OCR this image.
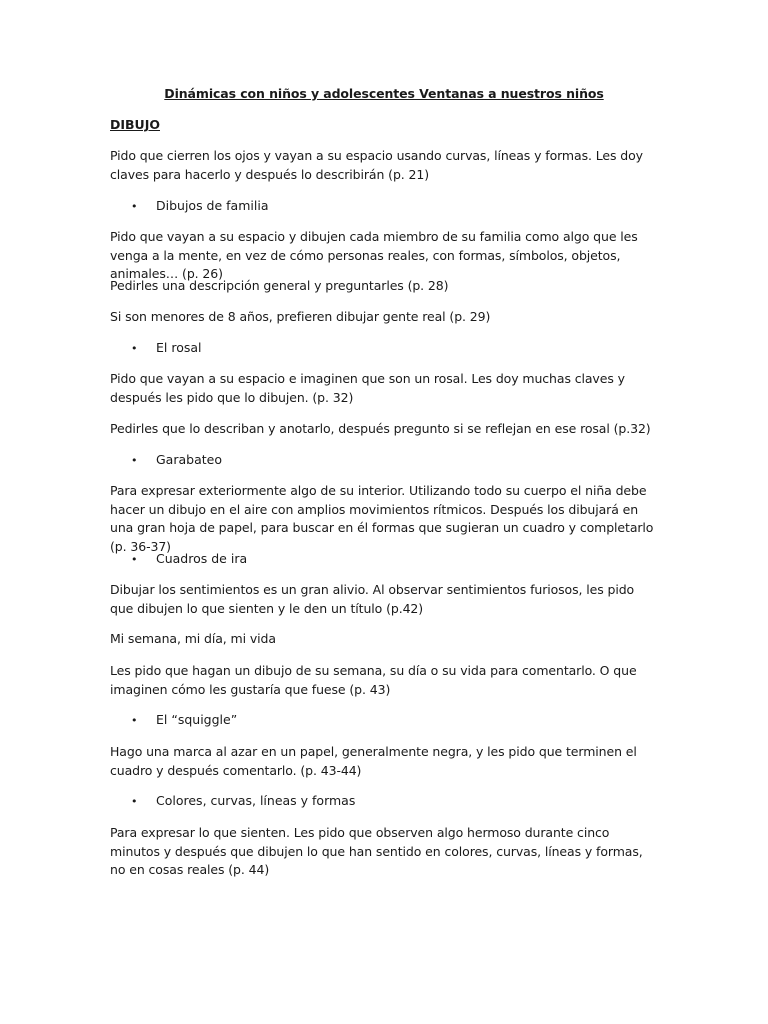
Dinámicas con niños y adolescentes Ventanas a nuestros niños
DIBUJO
Pido que cierren los ojos y vayan a su espacio usando curvas, líneas y formas. Les doy claves para hacerlo y después lo describirán (p. 21)
• Dibujos de familia
Pido que vayan a su espacio y dibujen cada miembro de su familia como algo que les venga a la mente, en vez de cómo personas reales, con formas, símbolos, objetos, animales… (p. 26)
Pedirles una descripción general y preguntarles (p. 28)
Si son menores de 8 años, prefieren dibujar gente real (p. 29)
• El rosal
Pido que vayan a su espacio e imaginen que son un rosal. Les doy muchas claves y después les pido que lo dibujen. (p. 32)
Pedirles que lo describan y anotarlo, después pregunto si se reflejan en ese rosal (p.32)
• Garabateo
Para expresar exteriormente algo de su interior. Utilizando todo su cuerpo el niña debe hacer un dibujo en el aire con amplios movimientos rítmicos. Después los dibujará en una gran hoja de papel, para buscar en él formas que sugieran un cuadro y completarlo (p. 36-37)
• Cuadros de ira
Dibujar los sentimientos es un gran alivio. Al observar sentimientos furiosos, les pido que dibujen lo que sienten y le den un título (p.42)
Mi semana, mi día, mi vida
Les pido que hagan un dibujo de su semana, su día o su vida para comentarlo. O que imaginen cómo les gustaría que fuese (p. 43)
• El “squiggle”
Hago una marca al azar en un papel, generalmente negra, y les pido que terminen el cuadro y después comentarlo. (p. 43-44)
• Colores, curvas, líneas y formas
Para expresar lo que sienten. Les pido que observen algo hermoso durante cinco minutos y después que dibujen lo que han sentido en colores, curvas, líneas y formas, no en cosas reales (p. 44)
